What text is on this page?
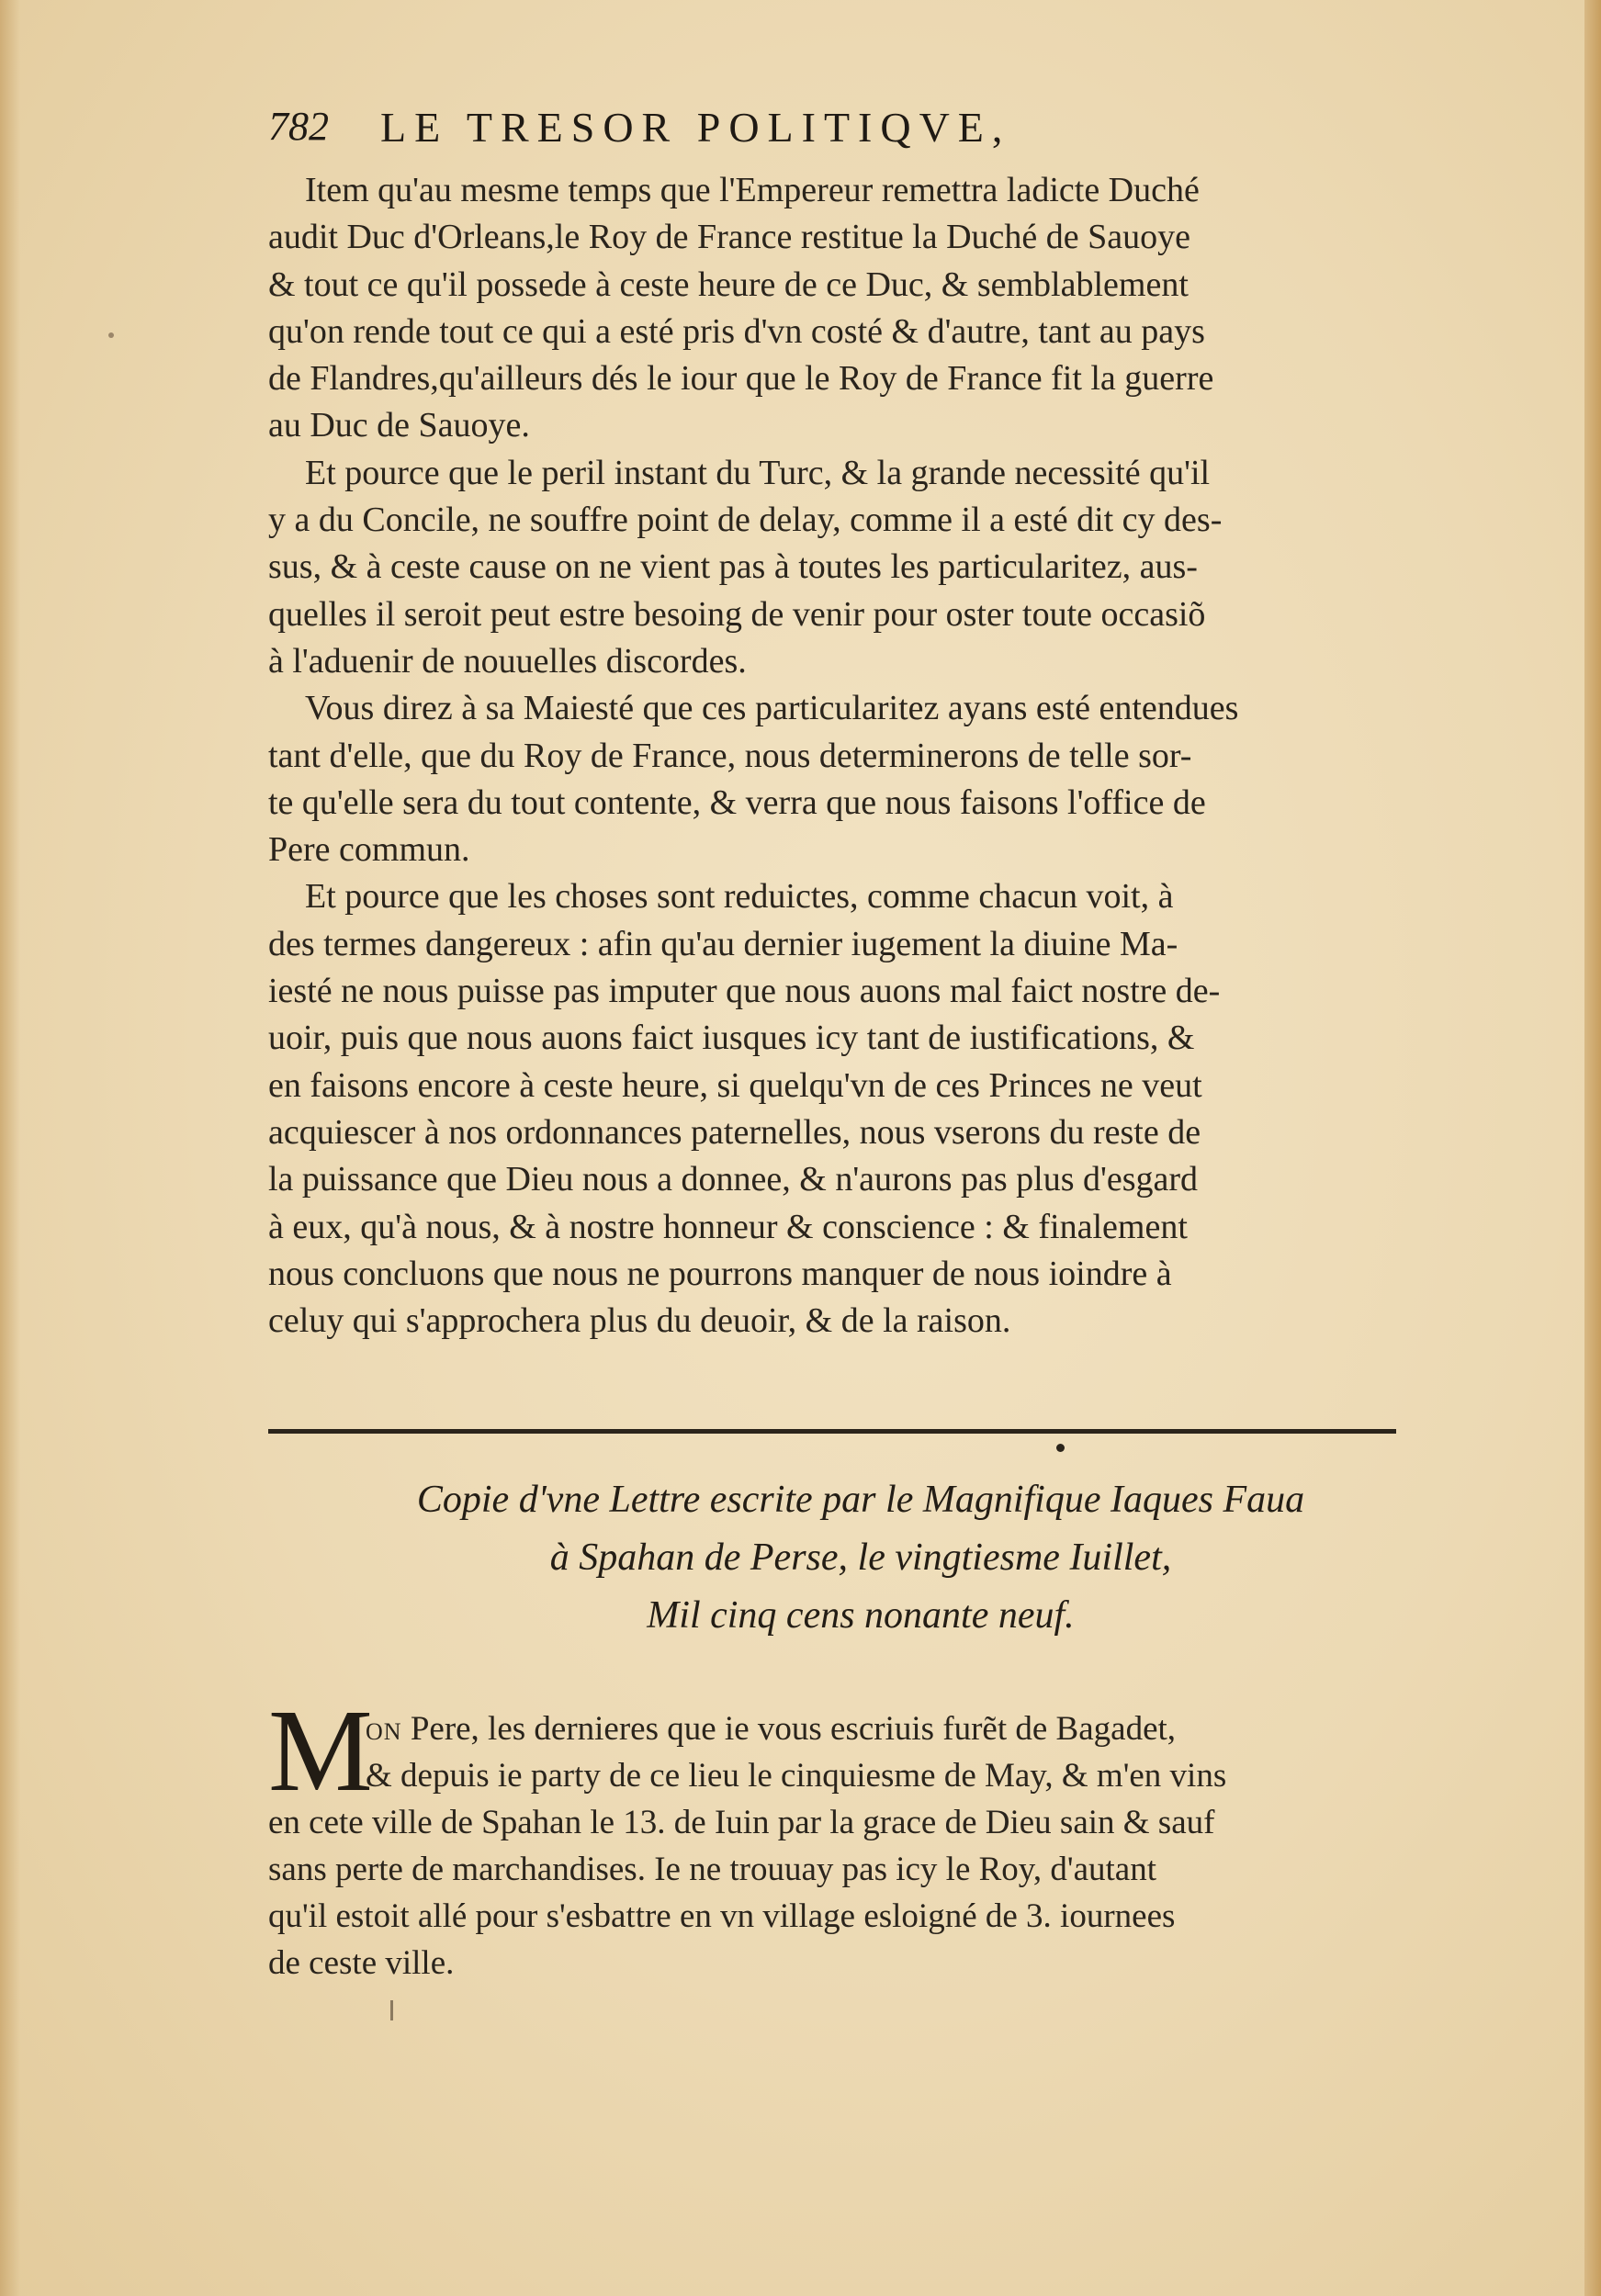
782 LE TRESOR POLITIQVE,
Item qu'au mesme temps que l'Empereur remettra ladicte Duché
audit Duc d'Orleans,le Roy de France restitue la Duché de Sauoye
& tout ce qu'il possede à ceste heure de ce Duc, & semblablement
qu'on rende tout ce qui a esté pris d'vn costé & d'autre, tant au pays
de Flandres,qu'ailleurs dés le iour que le Roy de France fit la guerre
au Duc de Sauoye.
Et pource que le peril instant du Turc, & la grande necessité qu'il
y a du Concile, ne souffre point de delay, comme il a esté dit cy des-
sus, & à ceste cause on ne vient pas à toutes les particularitez, aus-
quelles il seroit peut estre besoing de venir pour oster toute occasiõ
à l'aduenir de nouuelles discordes.
Vous direz à sa Maiesté que ces particularitez ayans esté entendues
tant d'elle, que du Roy de France, nous determinerons de telle sor-
te qu'elle sera du tout contente, & verra que nous faisons l'office de
Pere commun.
Et pource que les choses sont reduictes, comme chacun voit, à
des termes dangereux : afin qu'au dernier iugement la diuine Ma-
iesté ne nous puisse pas imputer que nous auons mal faict nostre de-
uoir, puis que nous auons faict iusques icy tant de iustifications, &
en faisons encore à ceste heure, si quelqu'vn de ces Princes ne veut
acquiescer à nos ordonnances paternelles, nous vserons du reste de
la puissance que Dieu nous a donnee, & n'aurons pas plus d'esgard
à eux, qu'à nous, & à nostre honneur & conscience : & finalement
nous concluons que nous ne pourrons manquer de nous ioindre à
celuy qui s'approchera plus du deuoir, & de la raison.
Copie d'vne Lettre escrite par le Magnifique Iaques Faua
à Spahan de Perse, le vingtiesme Iuillet,
Mil cinq cens nonante neuf.
M
ON Pere, les dernieres que ie vous escriuis furẽt de Bagadet,
& depuis ie party de ce lieu le cinquiesme de May, & m'en vins
en cete ville de Spahan le 13. de Iuin par la grace de Dieu sain & sauf
sans perte de marchandises. Ie ne trouuay pas icy le Roy, d'autant
qu'il estoit allé pour s'esbattre en vn village esloigné de 3. iournees
de ceste ville.
